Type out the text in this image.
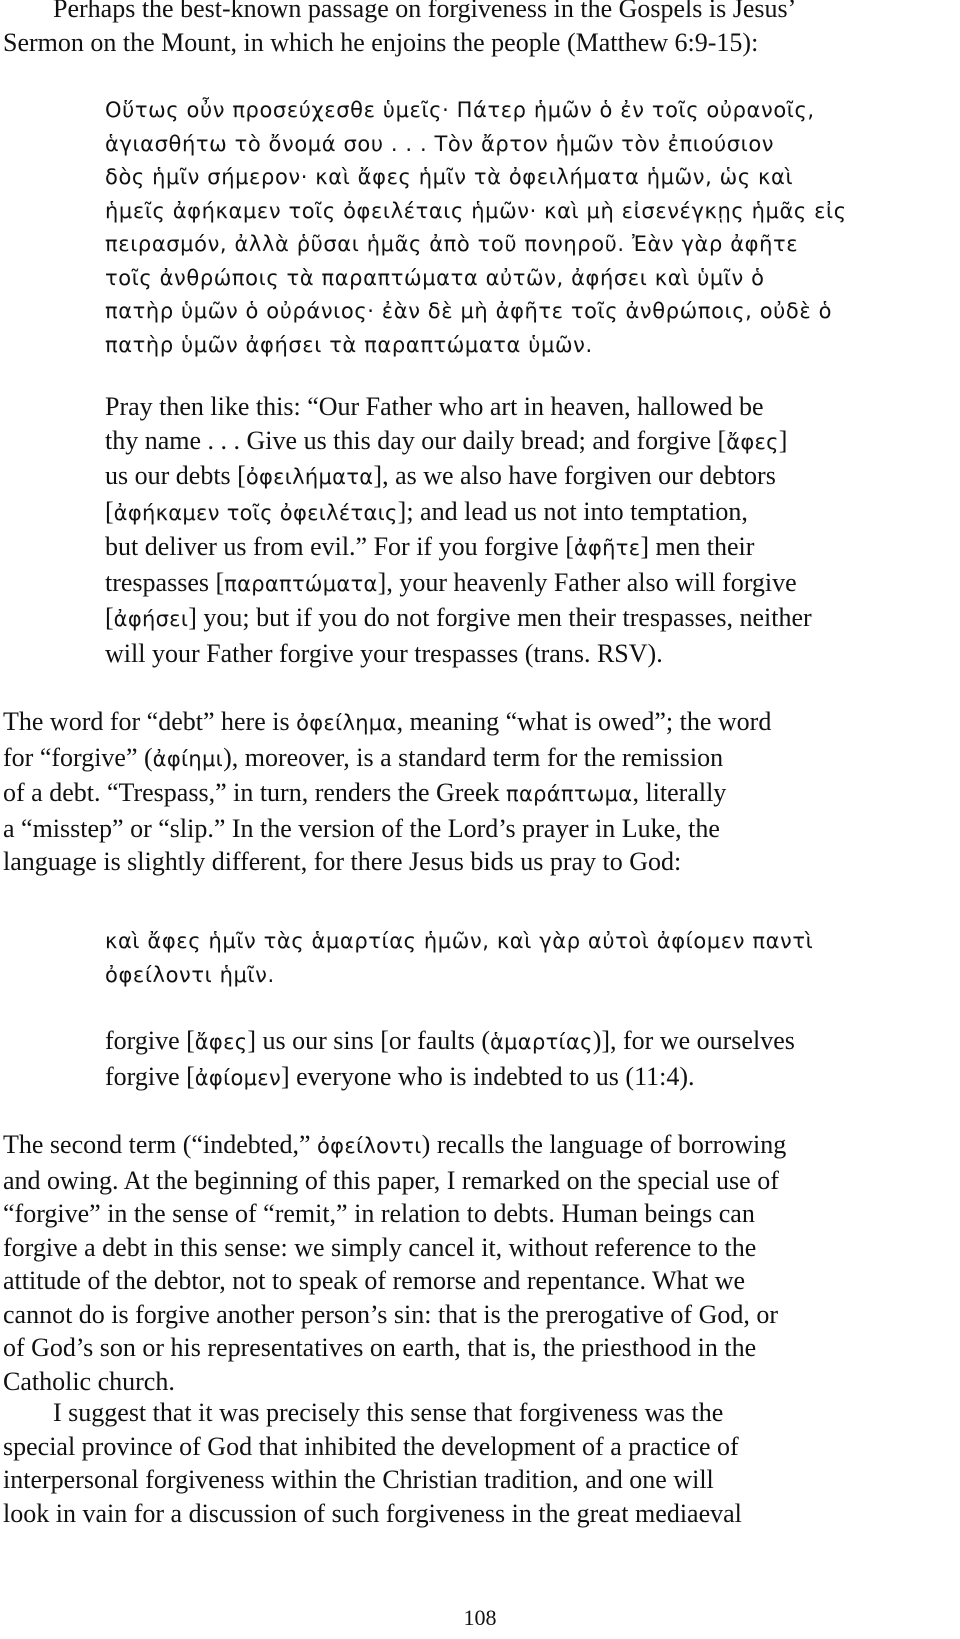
Perhaps the best-known passage on forgiveness in the Gospels is Jesus’
Sermon on the Mount, in which he enjoins the people (Matthew 6:9-15):

Οὕτως οὖν προσεύχεσθε ὑμεῖς· Πάτερ ἡμῶν ὁ ἐν τοῖς οὐρανοῖς,
ἁγιασθήτω τὸ ὄνομά σου . . . Τὸν ἄρτον ἡμῶν τὸν ἐπιούσιον
δὸς ἡμῖν σήμερον· καὶ ἄφες ἡμῖν τὰ ὀφειλήματα ἡμῶν, ὡς καὶ
ἡμεῖς ἀφήκαμεν τοῖς ὀφειλέταις ἡμῶν· καὶ μὴ εἰσενέγκῃς ἡμᾶς εἰς
πειρασμόν, ἀλλὰ ῥῦσαι ἡμᾶς ἀπὸ τοῦ πονηροῦ. Ἐὰν γὰρ ἀφῆτε
τοῖς ἀνθρώποις τὰ παραπτώματα αὐτῶν, ἀφήσει καὶ ὑμῖν ὁ
πατὴρ ὑμῶν ὁ οὐράνιος· ἐὰν δὲ μὴ ἀφῆτε τοῖς ἀνθρώποις, οὐδὲ ὁ
πατὴρ ὑμῶν ἀφήσει τὰ παραπτώματα ὑμῶν.
Pray then like this: “Our Father who art in heaven, hallowed be
thy name . . . Give us this day our daily bread; and forgive [ἄφες]
us our debts [ὀφειλήματα], as we also have forgiven our debtors
[ἀφήκαμεν τοῖς ὀφειλέταις]; and lead us not into temptation,
but deliver us from evil.” For if you forgive [ἀφῆτε] men their
trespasses [παραπτώματα], your heavenly Father also will forgive
[ἀφήσει] you; but if you do not forgive men their trespasses, neither
will your Father forgive your trespasses (trans. RSV).

The word for “debt” here is ὀφείλημα, meaning “what is owed”; the word
for “forgive” (ἀφίημι), moreover, is a standard term for the remission
of a debt. “Trespass,” in turn, renders the Greek παράπτωμα, literally
a “misstep” or “slip.” In the version of the Lord’s prayer in Luke, the
language is slightly different, for there Jesus bids us pray to God:

καὶ ἄφες ἡμῖν τὰς ἁμαρτίας ἡμῶν, καὶ γὰρ αὐτοὶ ἀφίομεν παντὶ
ὀφείλοντι ἡμῖν.
forgive [ἄφες] us our sins [or faults (ἁμαρτίας)], for we ourselves
forgive [ἀφίομεν] everyone who is indebted to us (11:4).

The second term (“indebted,” ὀφείλοντι) recalls the language of borrowing
and owing. At the beginning of this paper, I remarked on the special use of
“forgive” in the sense of “remit,” in relation to debts. Human beings can
forgive a debt in this sense: we simply cancel it, without reference to the
attitude of the debtor, not to speak of remorse and repentance. What we
cannot do is forgive another person’s sin: that is the prerogative of God, or
of God’s son or his representatives on earth, that is, the priesthood in the
Catholic church.

I suggest that it was precisely this sense that forgiveness was the
special province of God that inhibited the development of a practice of
interpersonal forgiveness within the Christian tradition, and one will
look in vain for a discussion of such forgiveness in the great mediaeval

108
